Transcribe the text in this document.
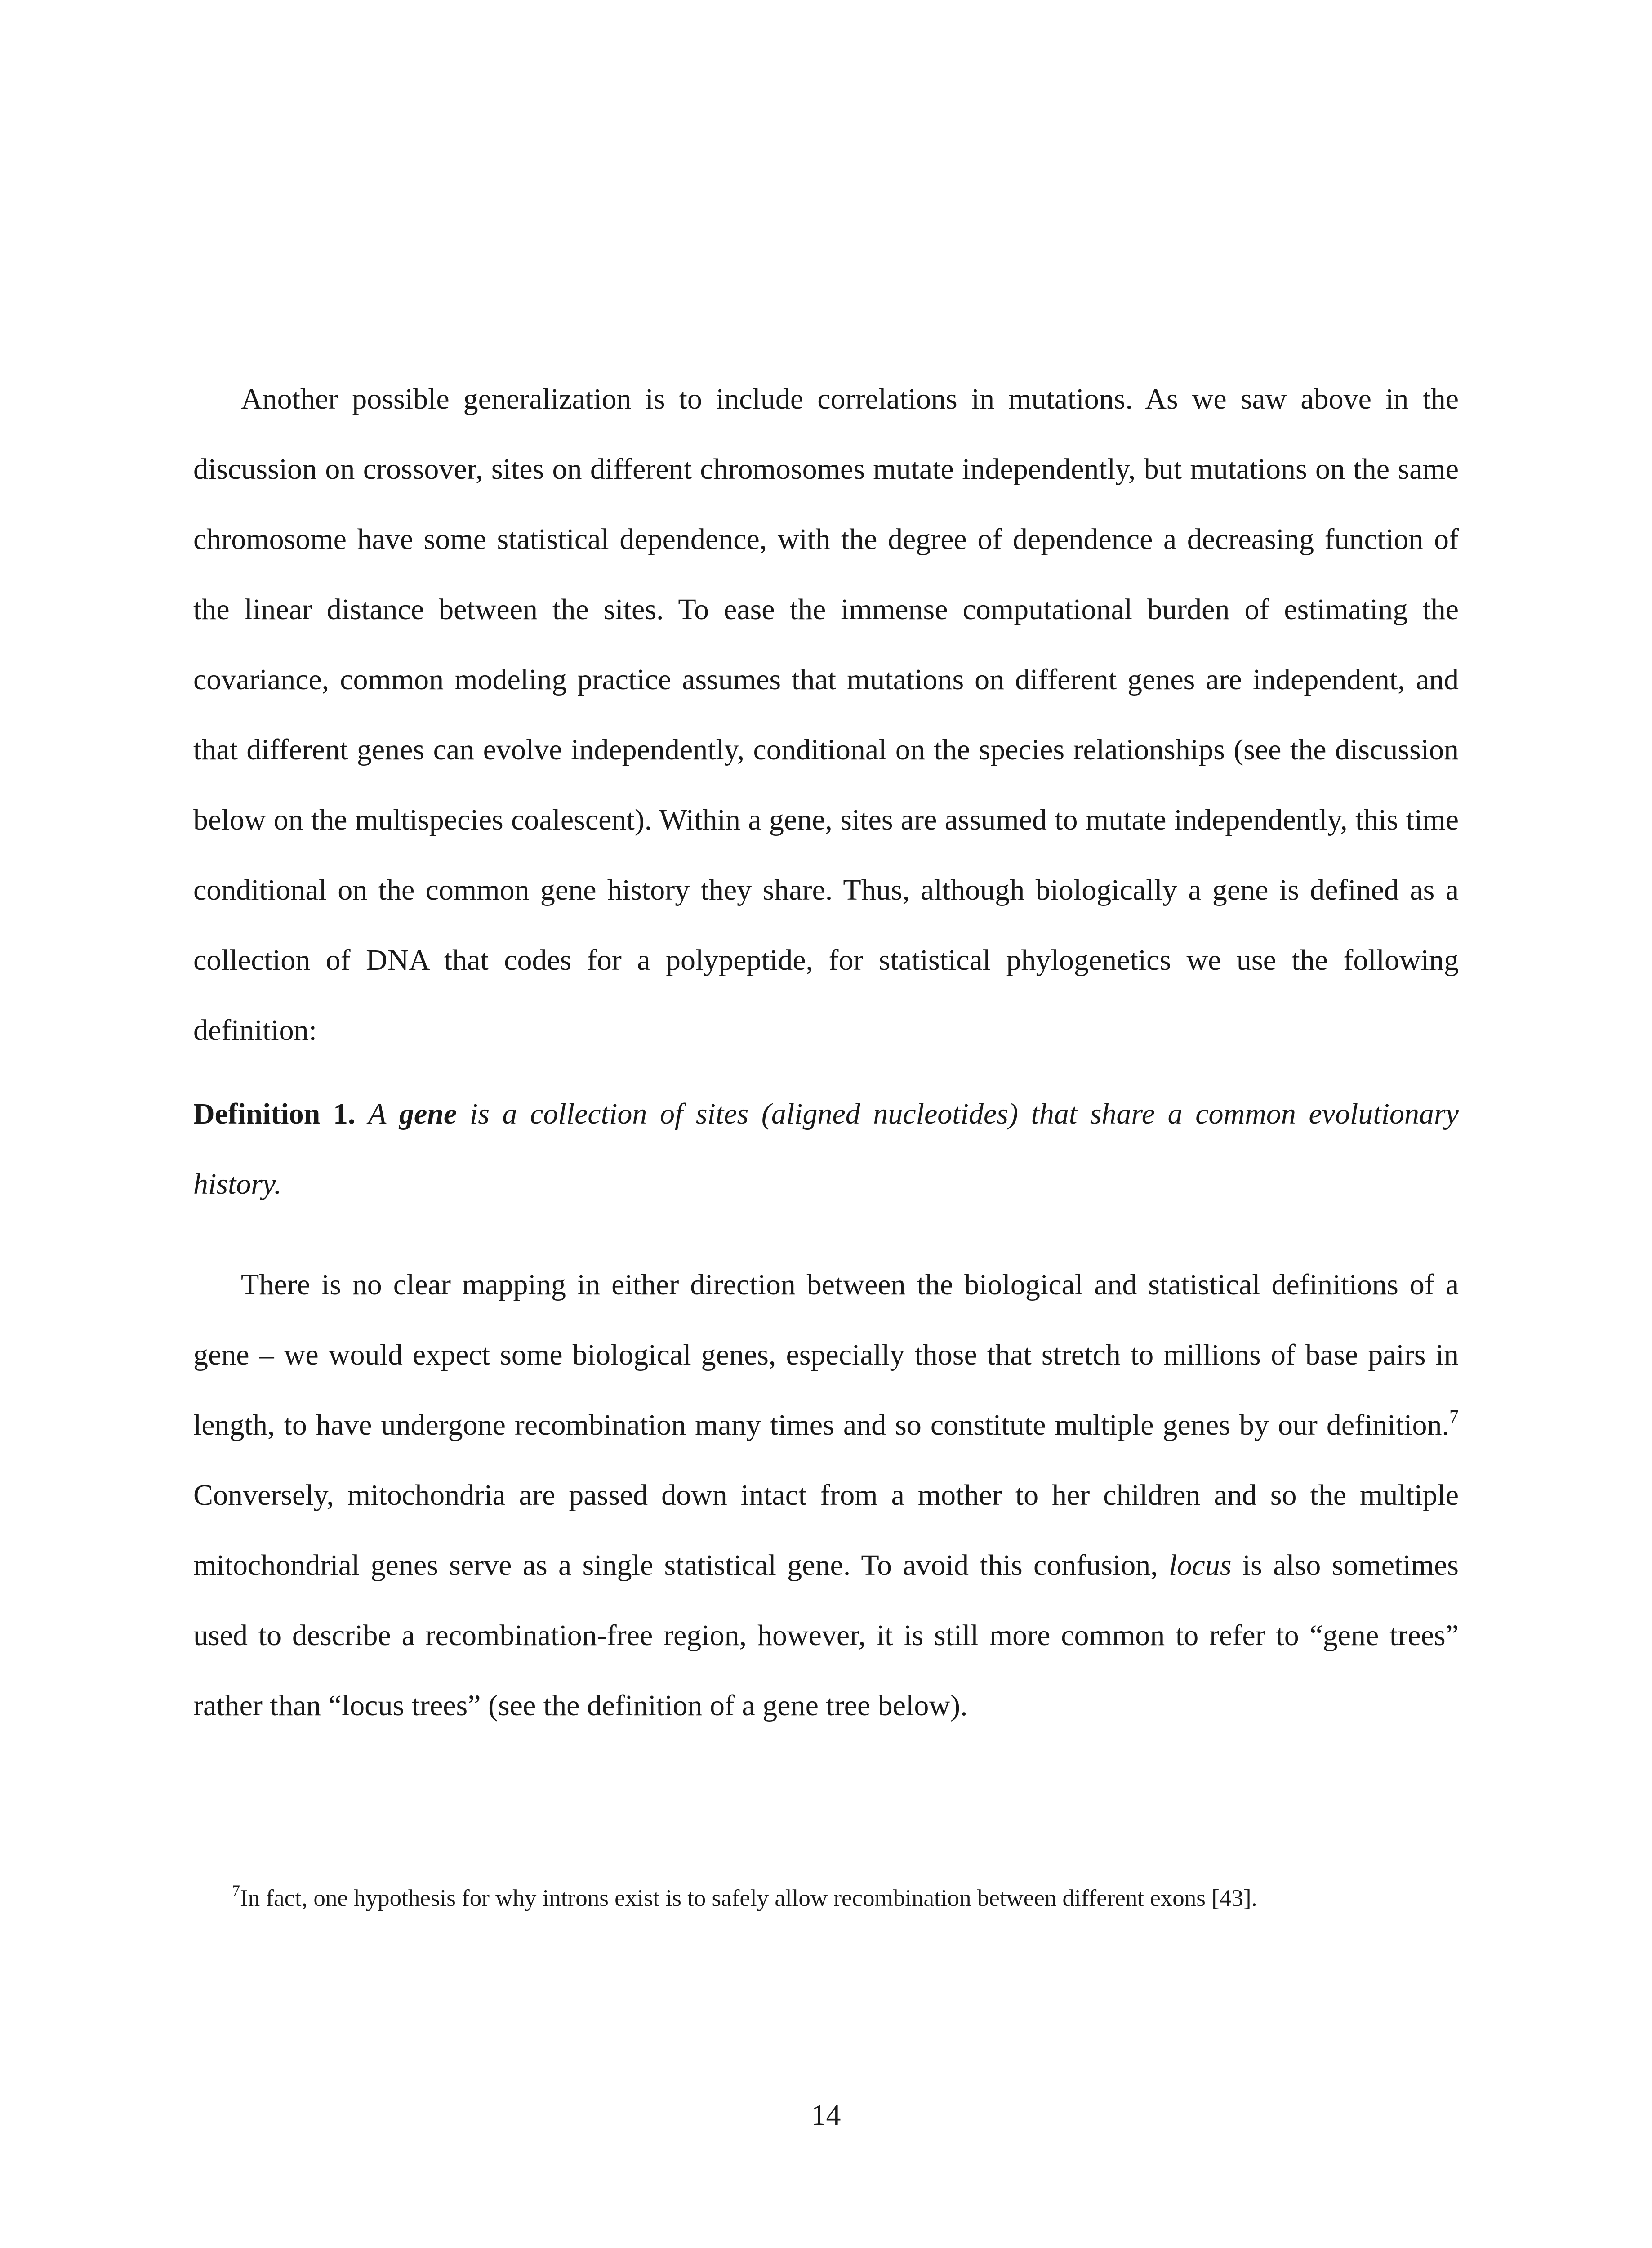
Another possible generalization is to include correlations in mutations. As we saw above in the discussion on crossover, sites on different chromosomes mutate independently, but mutations on the same chromosome have some statistical dependence, with the degree of dependence a decreasing function of the linear distance between the sites. To ease the immense computational burden of estimating the covariance, common modeling practice assumes that mutations on different genes are independent, and that different genes can evolve independently, conditional on the species relationships (see the discussion below on the multispecies coalescent). Within a gene, sites are assumed to mutate independently, this time conditional on the common gene history they share. Thus, although biologically a gene is defined as a collection of DNA that codes for a polypeptide, for statistical phylogenetics we use the following definition:

Definition 1. A gene is a collection of sites (aligned nucleotides) that share a common evolutionary history.

There is no clear mapping in either direction between the biological and statistical definitions of a gene – we would expect some biological genes, especially those that stretch to millions of base pairs in length, to have undergone recombination many times and so constitute multiple genes by our definition.$^7$ Conversely, mitochondria are passed down intact from a mother to her children and so the multiple mitochondrial genes serve as a single statistical gene. To avoid this confusion, locus is also sometimes used to describe a recombination-free region, however, it is still more common to refer to “gene trees” rather than “locus trees” (see the definition of a gene tree below).

$^7$In fact, one hypothesis for why introns exist is to safely allow recombination between different exons [43].

14
